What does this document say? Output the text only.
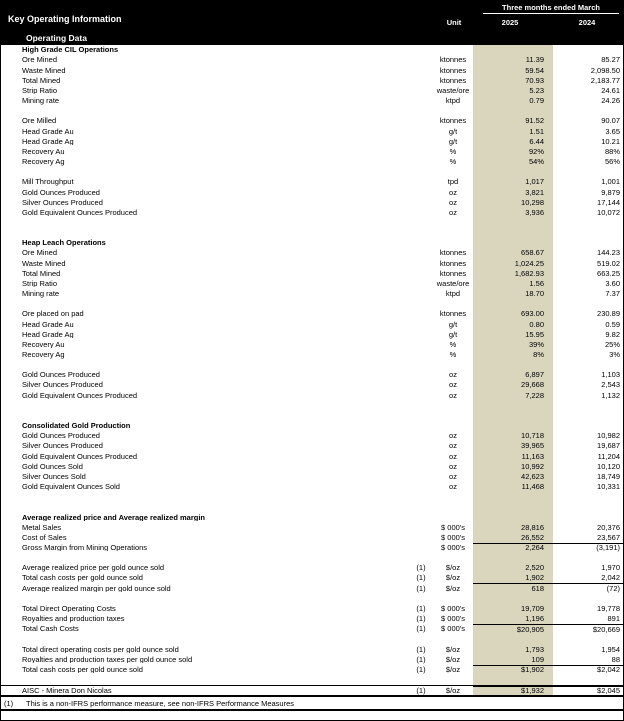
Three months ended March
Key Operating Information	Unit	2025	2024
Operating Data
High Grade CIL Operations
Ore Mined	ktonnes	11.39	85.27
Waste Mined	ktonnes	59.54	2,098.50
Total Mined	ktonnes	70.93	2,183.77
Strip Ratio	waste/ore	5.23	24.61
Mining rate	ktpd	0.79	24.26
Ore Milled	ktonnes	91.52	90.07
Head Grade Au	g/t	1.51	3.65
Head Grade Ag	g/t	6.44	10.21
Recovery Au	%	92%	88%
Recovery Ag	%	54%	56%
Mill Throughput	tpd	1,017	1,001
Gold Ounces Produced	oz	3,821	9,879
Silver Ounces Produced	oz	10,298	17,144
Gold Equivalent Ounces Produced	oz	3,936	10,072
Heap Leach Operations
Ore Mined	ktonnes	658.67	144.23
Waste Mined	ktonnes	1,024.25	519.02
Total Mined	ktonnes	1,682.93	663.25
Strip Ratio	waste/ore	1.56	3.60
Mining rate	ktpd	18.70	7.37
Ore placed on pad	ktonnes	693.00	230.89
Head Grade Au	g/t	0.80	0.59
Head Grade Ag	g/t	15.95	9.82
Recovery Au	%	39%	25%
Recovery Ag	%	8%	3%
Gold Ounces Produced	oz	6,897	1,103
Silver Ounces Produced	oz	29,668	2,543
Gold Equivalent Ounces Produced	oz	7,228	1,132
Consolidated Gold Production
Gold Ounces Produced	oz	10,718	10,982
Silver Ounces Produced	oz	39,965	19,687
Gold Equivalent Ounces Produced	oz	11,163	11,204
Gold Ounces Sold	oz	10,992	10,120
Silver Ounces Sold	oz	42,623	18,749
Gold Equivalent Ounces Sold	oz	11,468	10,331
Average realized price and Average realized margin
Metal Sales	$ 000's	28,816	20,376
Cost of Sales	$ 000's	26,552	23,567
Gross Margin from Mining Operations	$ 000's	2,264	(3,191)
Average realized price per gold ounce sold	(1)	$/oz	2,520	1,970
Total cash costs per gold ounce sold	(1)	$/oz	1,902	2,042
Average realized margin per gold ounce sold	(1)	$/oz	618	(72)
Total Direct Operating Costs	(1)	$ 000's	19,709	19,778
Royalties and production taxes	(1)	$ 000's	1,196	891
Total Cash Costs	(1)	$ 000's	$20,905	$20,669
Total direct operating costs per gold ounce sold	(1)	$/oz	1,793	1,954
Royalties and production taxes per gold ounce sold	(1)	$/oz	109	88
Total cash costs per gold ounce sold	(1)	$/oz	$1,902	$2,042
AISC - Minera Don Nicolas	(1)	$/oz	$1,932	$2,045
(1)	This is a non-IFRS performance measure, see non-IFRS Performance Measures
